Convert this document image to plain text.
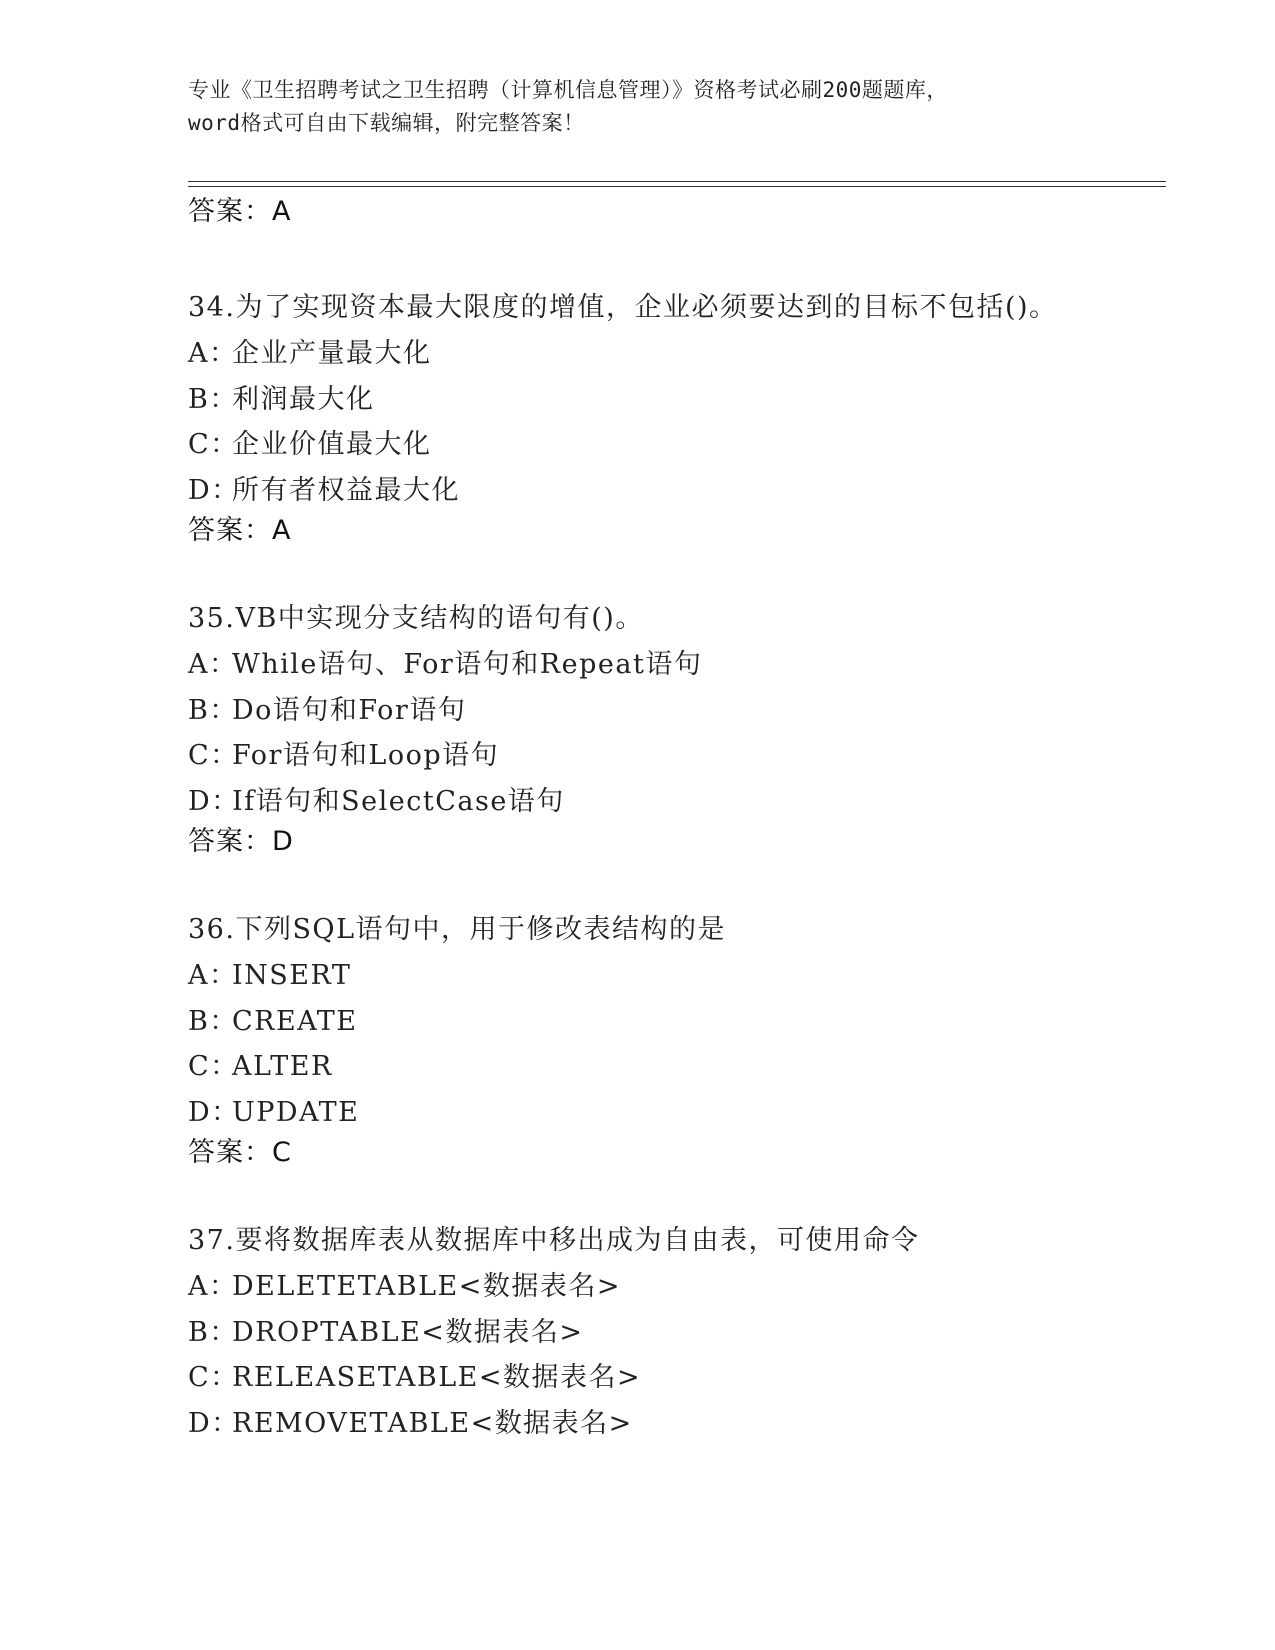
专业《卫生招聘考试之卫生招聘（计算机信息管理）》资格考试必刷200题题库，
word格式可自由下载编辑，附完整答案！
答案：A
34.为了实现资本最大限度的增值，企业必须要达到的目标不包括()。
A：企业产量最大化
B：利润最大化
C：企业价值最大化
D：所有者权益最大化
答案：A
35.VB中实现分支结构的语句有()。
A：While语句、For语句和Repeat语句
B：Do语句和For语句
C：For语句和Loop语句
D：If语句和SelectCase语句
答案：D
36.下列SQL语句中，用于修改表结构的是
A：INSERT
B：CREATE
C：ALTER
D：UPDATE
答案：C
37.要将数据库表从数据库中移出成为自由表，可使用命令
A：DELETETABLE<数据表名>
B：DROPTABLE<数据表名>
C：RELEASETABLE<数据表名>
D：REMOVETABLE<数据表名>
